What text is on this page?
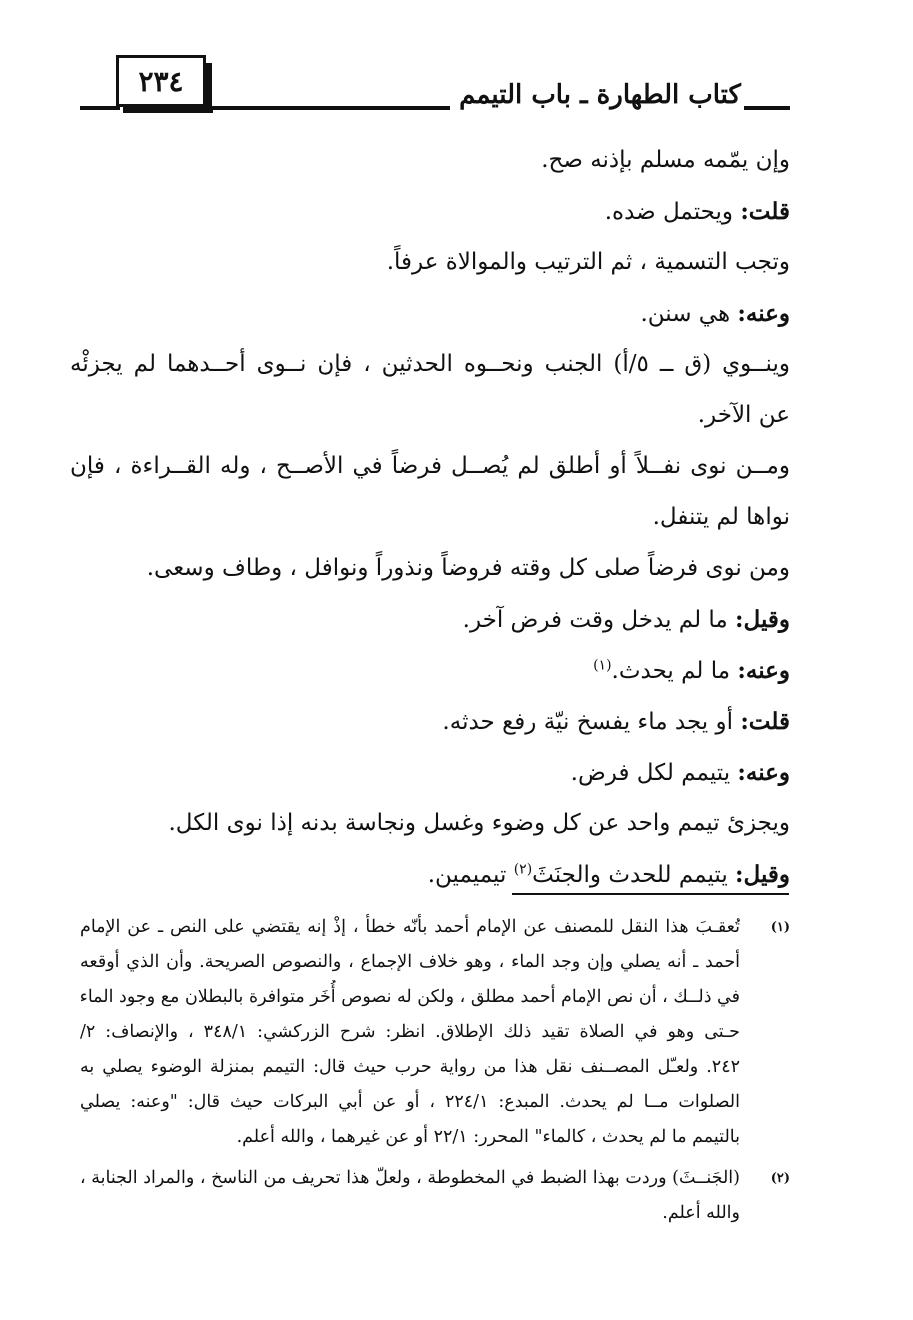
٢٣٤	كتاب الطهارة ـ باب التيمم
وإن يمّمه مسلم بإذنه صح.
قلت: ويحتمل ضده.
وتجب التسمية ، ثم الترتيب والموالاة عرفاً.
وعنه: هي سنن.
وينــوي (ق ــ ٥/أ) الجنب ونحــوه الحدثين ، فإن نــوى أحــدهما لم يجزئْه
عن الآخر.
ومــن نوى نفــلاً أو أطلق لم يُصــل فرضاً في الأصــح ، وله القــراءة ، فإن
نواها لم يتنفل.
ومن نوى فرضاً صلى كل وقته فروضاً ونذوراً ونوافل ، وطاف وسعى.
وقيل: ما لم يدخل وقت فرض آخر.
وعنه: ما لم يحدث.$^{(١)}$
قلت: أو يجد ماء يفسخ نيّة رفع حدثه.
وعنه: يتيمم لكل فرض.
ويجزئ تيمم واحد عن كل وضوء وغسل ونجاسة بدنه إذا نوى الكل.
وقيل: يتيمم للحدث والجنَثَ$^{(٢)}$ تيميمين.
(١)
تُعقـبَ هذا النقل للمصنف عن الإمام أحمد بأنّه خطأ ، إذْ إنه يقتضي على النص ـ عن الإمام
أحمد ـ أنه يصلي وإن وجد الماء ، وهو خلاف الإجماع ، والنصوص الصريحة. وأن الذي أوقعه
في ذلــك ، أن نص الإمام أحمد مطلق ، ولكن له نصوص أُخَر متوافرة بالبطلان مع وجود الماء
حـتى وهو في الصلاة تقيد ذلك الإطلاق. انظر: شرح الزركشي: ٣٤٨/١ ، والإنصاف: ٢/
٢٤٢. ولعـّل المصــنف نقل هذا من رواية حرب حيث قال: التيمم بمنزلة الوضوء يصلي به
الصلوات مــا لم يحدث. المبدع: ٢٢٤/١ ، أو عن أبي البركات حيث قال: "وعنه: يصلي
بالتيمم ما لم يحدث ، كالماء" المحرر: ٢٢/١ أو عن غيرهما ، والله أعلم.
(٢)
(الجَنــثَ) وردت بهذا الضبط في المخطوطة ، ولعلّ هذا تحريف من الناسخ ، والمراد الجنابة ،
والله أعلم.
